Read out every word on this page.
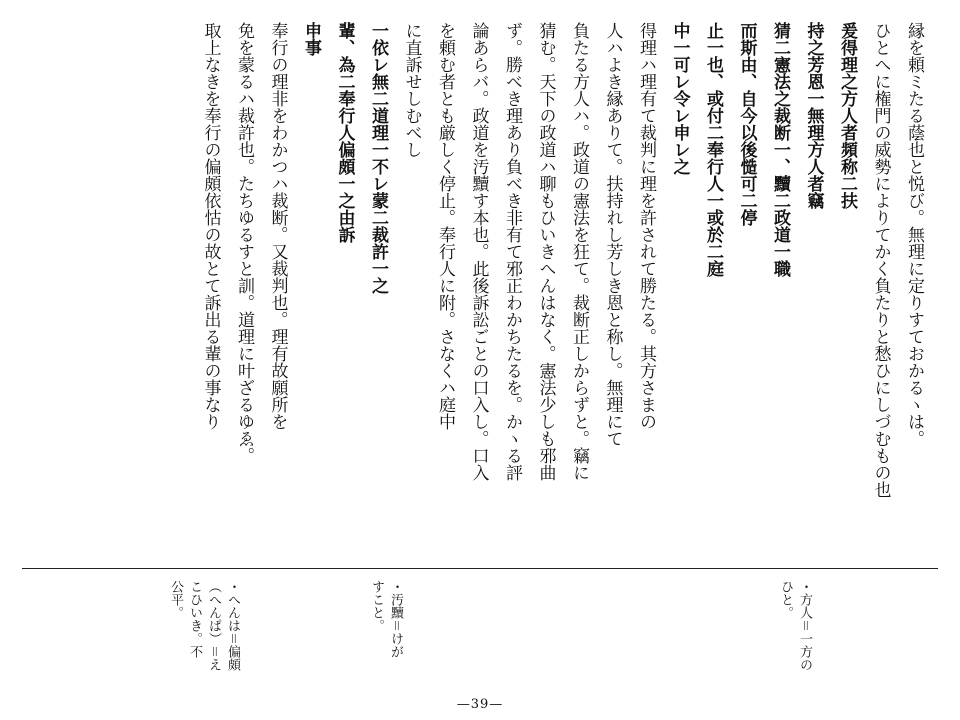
縁を頼ミたる蔭也と悦び。無理に定りすておかるヽは。

ひとへに権門の威勢によりてかく負たりと愁ひにしづむもの也

爰得理之方人者頻称二扶

持之芳恩一無理方人者竊

猜二憲法之裁断一、黷二政道一職

而斯由、自今以後慥可二停

止一也、或付二奉行人一或於二庭

中一可レ令レ申レ之

得理ハ理有て裁判に理を許されて勝たる。其方さまの

人ハよき縁ありて。扶持れし芳しき恩と称し。無理にて

負たる方人ハ。政道の憲法を狂て。裁断正しからずと。竊に

猜む。天下の政道ハ聊もひいきへんはなく。憲法少しも邪曲

ず。勝べき理あり負べき非有て邪正わかちたるを。かヽる評

論あらバ。政道を汚黷す本也。此後訴訟ごとの口入し。口入

を頼む者とも厳しく停止。奉行人に附。さなくハ庭中

に直訴せしむべし

一依レ無二道理一不レ蒙二裁許一之

輩、為二奉行人偏頗一之由訴

申事

奉行の理非をわかつハ裁断。又裁判也。理有故願所を

免を蒙るハ裁許也。たちゆるすと訓。道理に叶ざるゆゑ。

取上なきを奉行の偏頗依怙の故とて訴出る輩の事なり

・方人＝一方の

ひと。

・汚黷＝けが

すこと。

・へんは＝偏頗

（へんぱ）＝え

こひいき。不

公平。

—39—
